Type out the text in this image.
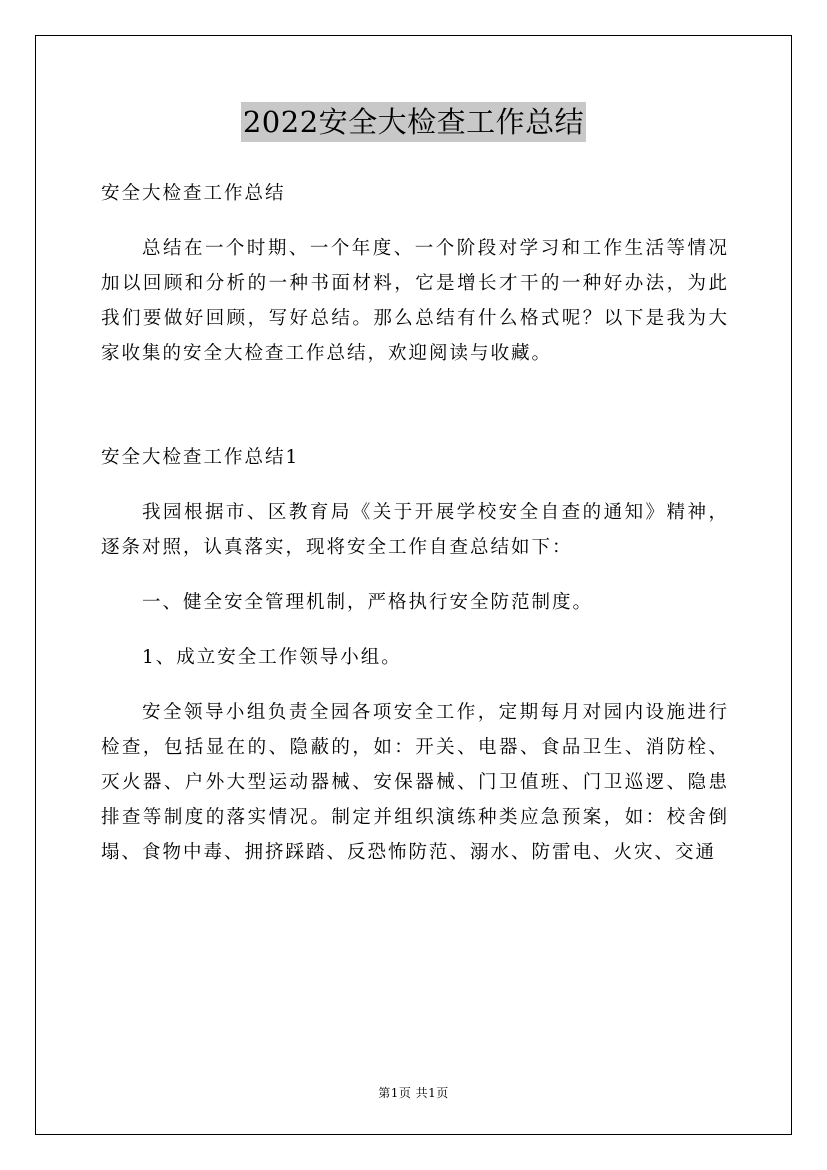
2022安全大检查工作总结

安全大检查工作总结

总结在一个时期、一个年度、一个阶段对学习和工作生活等情况加以回顾和分析的一种书面材料，它是增长才干的一种好办法，为此我们要做好回顾，写好总结。那么总结有什么格式呢？以下是我为大家收集的安全大检查工作总结，欢迎阅读与收藏。

安全大检查工作总结1

我园根据市、区教育局《关于开展学校安全自查的通知》精神，逐条对照，认真落实，现将安全工作自查总结如下：

一、健全安全管理机制，严格执行安全防范制度。

1、成立安全工作领导小组。

安全领导小组负责全园各项安全工作，定期每月对园内设施进行检查，包括显在的、隐蔽的，如：开关、电器、食品卫生、消防栓、灭火器、户外大型运动器械、安保器械、门卫值班、门卫巡逻、隐患排查等制度的落实情况。制定并组织演练种类应急预案，如：校舍倒塌、食物中毒、拥挤踩踏、反恐怖防范、溺水、防雷电、火灾、交通

第1页 共1页
